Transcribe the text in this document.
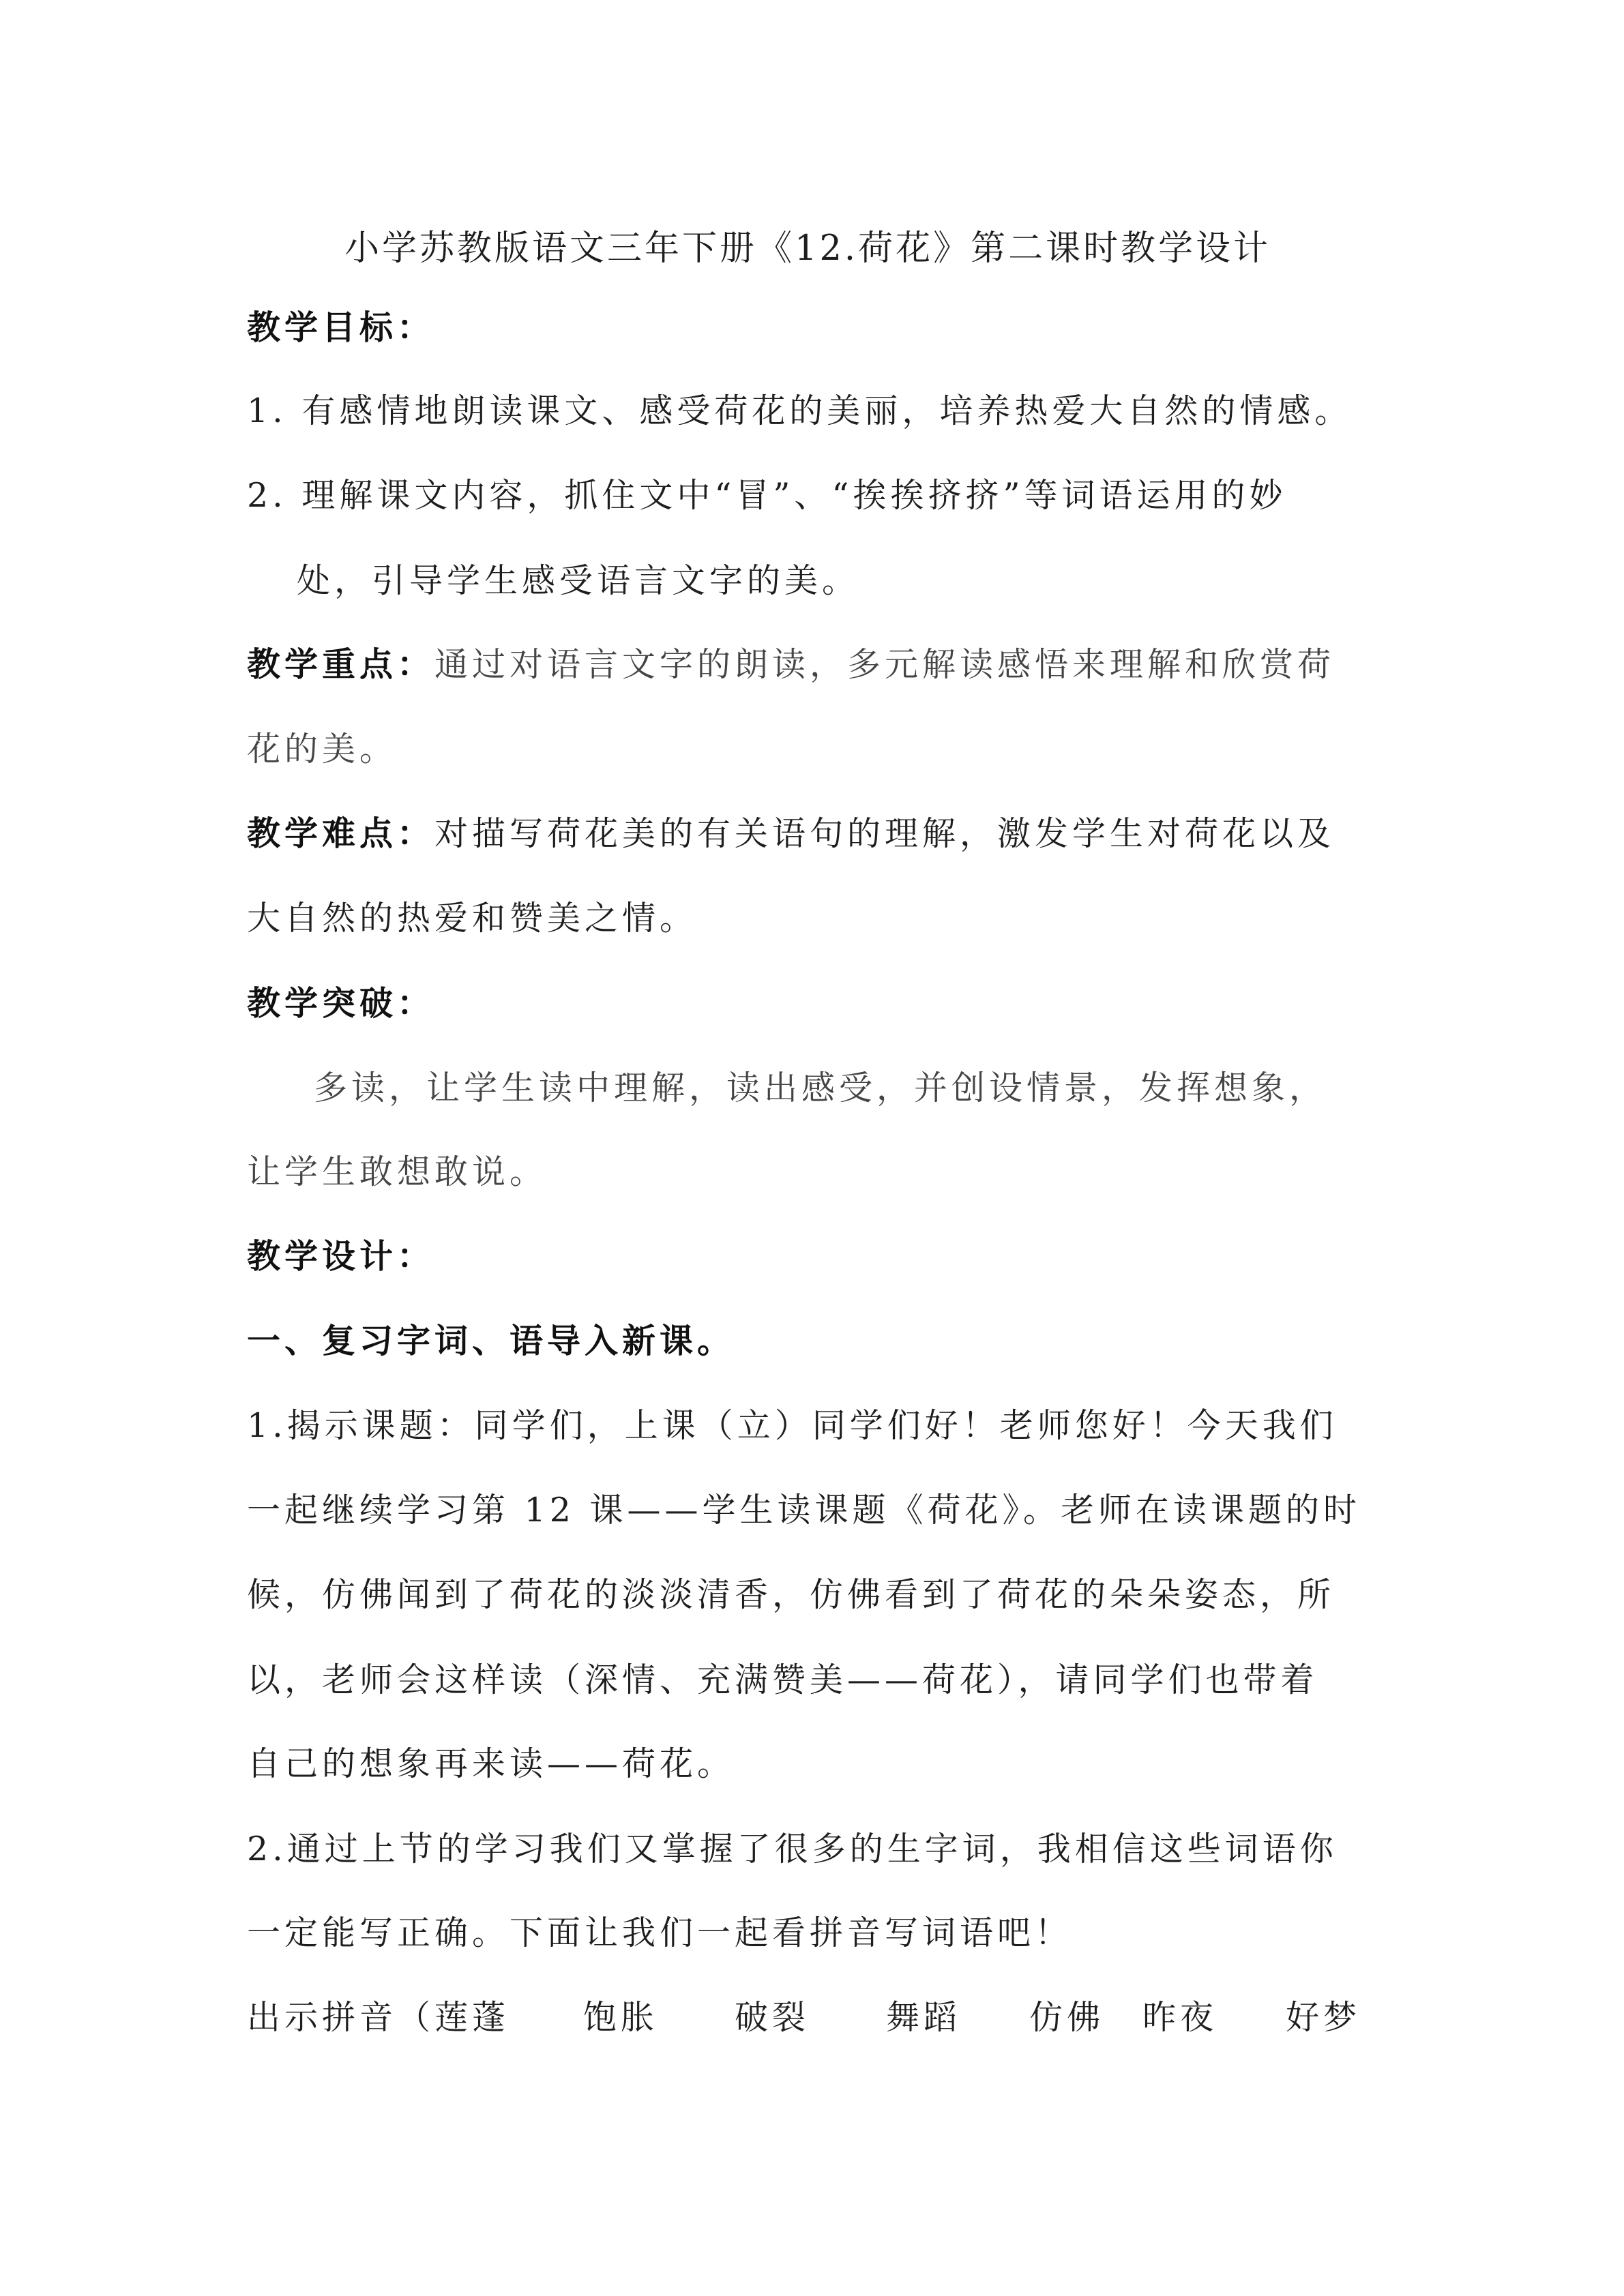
小学苏教版语文三年下册《12.荷花》第二课时教学设计
教学目标：
1. 有感情地朗读课文、感受荷花的美丽，培养热爱大自然的情感。
2. 理解课文内容，抓住文中“冒”、“挨挨挤挤”等词语运用的妙
处，引导学生感受语言文字的美。
教学重点：通过对语言文字的朗读，多元解读感悟来理解和欣赏荷
花的美。
教学难点：对描写荷花美的有关语句的理解，激发学生对荷花以及
大自然的热爱和赞美之情。
教学突破：
多读，让学生读中理解，读出感受，并创设情景，发挥想象，
让学生敢想敢说。
教学设计：
一、复习字词、语导入新课。
1.揭示课题：同学们，上课（立）同学们好！老师您好！今天我们
一起继续学习第 12 课——学生读课题《荷花》。老师在读课题的时
候，仿佛闻到了荷花的淡淡清香，仿佛看到了荷花的朵朵姿态，所
以，老师会这样读（深情、充满赞美——荷花），请同学们也带着
自己的想象再来读——荷花。
2.通过上节的学习我们又掌握了很多的生字词，我相信这些词语你
一定能写正确。下面让我们一起看拼音写词语吧！
出示拼音（莲蓬 饱胀 破裂 舞蹈 仿佛 昨夜 好梦
